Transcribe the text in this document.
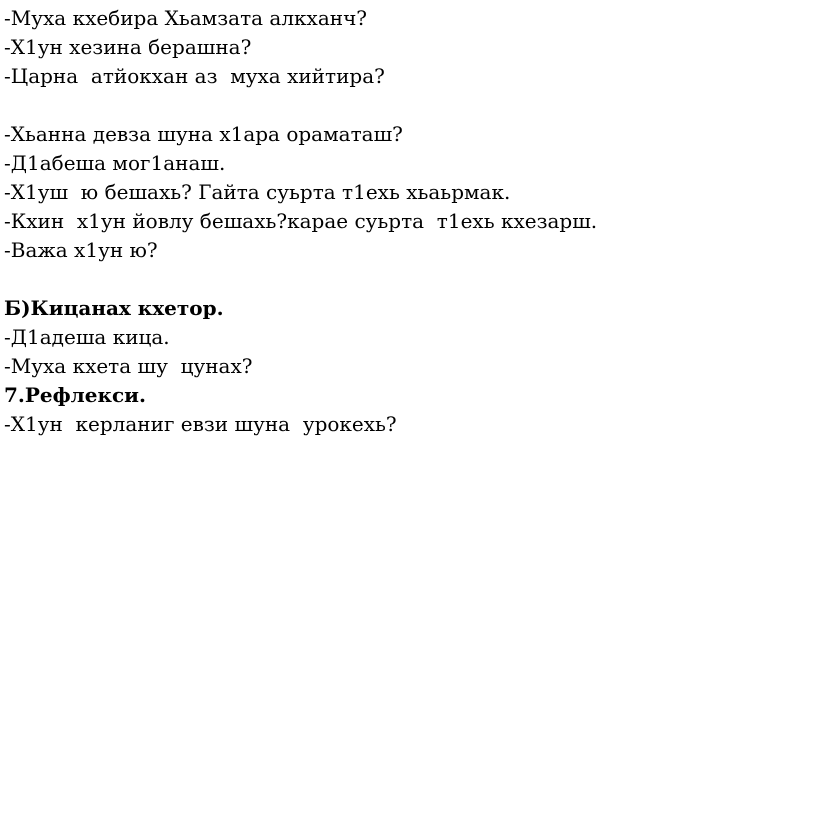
-Муха кхебира Хьамзата алкханч?
-Х1ун хезина берашна?
-Царна  атйокхан аз  муха хийтира?
-Хьанна девза шуна х1ара ораматаш?
-Д1абеша мог1анаш.
-Х1уш  ю бешахь? Гайта суьрта т1ехь хьаьрмак.
-Кхин  х1ун йовлу бешахь?карае суьрта  т1ехь кхезарш.
-Важа х1ун ю?
Б)Кицанах кхетор.
-Д1адеша кица.
-Муха кхета шу  цунах?
7.Рефлекси.
-Х1ун  керланиг евзи шуна  урокехь?
